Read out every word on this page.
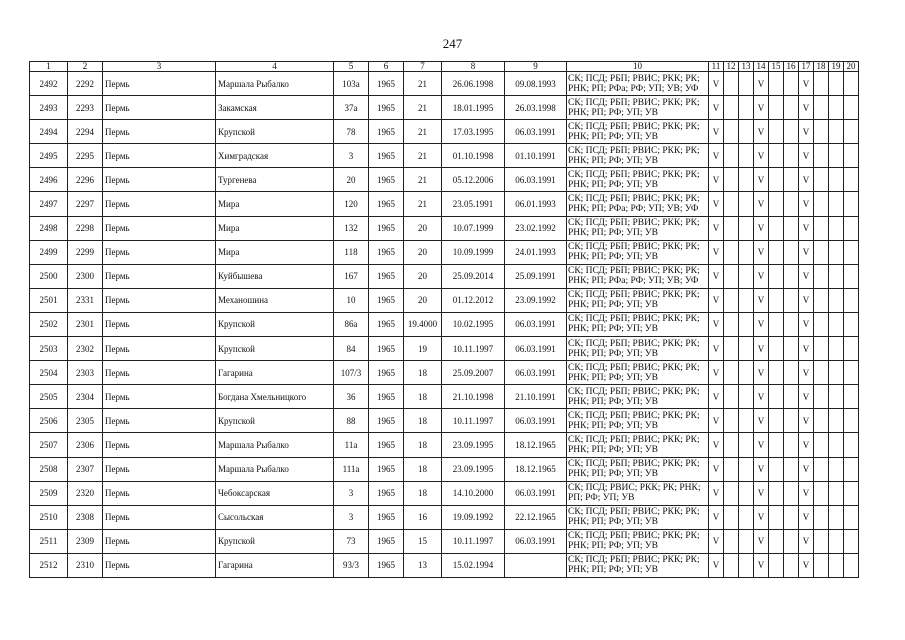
247
1	2	3	4	5	6	7	8	9	10	11	12	13	14	15	16	17	18	19	20
2492	2292	Пермь	Маршала Рыбалко	103а	1965	21	26.06.1998	09.08.1993	СК; ПСД; РБП; РВИС; РКК; РК; РНК; РП; РФа; РФ; УП; УВ; УФ	V			V			V			
2493	2293	Пермь	Закамская	37а	1965	21	18.01.1995	26.03.1998	СК; ПСД; РБП; РВИС; РКК; РК; РНК; РП; РФ; УП; УВ	V			V			V			
2494	2294	Пермь	Крупской	78	1965	21	17.03.1995	06.03.1991	СК; ПСД; РБП; РВИС; РКК; РК; РНК; РП; РФ; УП; УВ	V			V			V			
2495	2295	Пермь	Химградская	3	1965	21	01.10.1998	01.10.1991	СК; ПСД; РБП; РВИС; РКК; РК; РНК; РП; РФ; УП; УВ	V			V			V			
2496	2296	Пермь	Тургенева	20	1965	21	05.12.2006	06.03.1991	СК; ПСД; РБП; РВИС; РКК; РК; РНК; РП; РФ; УП; УВ	V			V			V			
2497	2297	Пермь	Мира	120	1965	21	23.05.1991	06.01.1993	СК; ПСД; РБП; РВИС; РКК; РК; РНК; РП; РФа; РФ; УП; УВ; УФ	V			V			V			
2498	2298	Пермь	Мира	132	1965	20	10.07.1999	23.02.1992	СК; ПСД; РБП; РВИС; РКК; РК; РНК; РП; РФ; УП; УВ	V			V			V			
2499	2299	Пермь	Мира	118	1965	20	10.09.1999	24.01.1993	СК; ПСД; РБП; РВИС; РКК; РК; РНК; РП; РФ; УП; УВ	V			V			V			
2500	2300	Пермь	Куйбышева	167	1965	20	25.09.2014	25.09.1991	СК; ПСД; РБП; РВИС; РКК; РК; РНК; РП; РФа; РФ; УП; УВ; УФ	V			V			V			
2501	2331	Пермь	Механошина	10	1965	20	01.12.2012	23.09.1992	СК; ПСД; РБП; РВИС; РКК; РК; РНК; РП; РФ; УП; УВ	V			V			V			
2502	2301	Пермь	Крупской	86а	1965	19.4000	10.02.1995	06.03.1991	СК; ПСД; РБП; РВИС; РКК; РК; РНК; РП; РФ; УП; УВ	V			V			V			
2503	2302	Пермь	Крупской	84	1965	19	10.11.1997	06.03.1991	СК; ПСД; РБП; РВИС; РКК; РК; РНК; РП; РФ; УП; УВ	V			V			V			
2504	2303	Пермь	Гагарина	107/3	1965	18	25.09.2007	06.03.1991	СК; ПСД; РБП; РВИС; РКК; РК; РНК; РП; РФ; УП; УВ	V			V			V			
2505	2304	Пермь	Богдана Хмельницкого	36	1965	18	21.10.1998	21.10.1991	СК; ПСД; РБП; РВИС; РКК; РК; РНК; РП; РФ; УП; УВ	V			V			V			
2506	2305	Пермь	Крупской	88	1965	18	10.11.1997	06.03.1991	СК; ПСД; РБП; РВИС; РКК; РК; РНК; РП; РФ; УП; УВ	V			V			V			
2507	2306	Пермь	Маршала Рыбалко	11а	1965	18	23.09.1995	18.12.1965	СК; ПСД; РБП; РВИС; РКК; РК; РНК; РП; РФ; УП; УВ	V			V			V			
2508	2307	Пермь	Маршала Рыбалко	111а	1965	18	23.09.1995	18.12.1965	СК; ПСД; РБП; РВИС; РКК; РК; РНК; РП; РФ; УП; УВ	V			V			V			
2509	2320	Пермь	Чебоксарская	3	1965	18	14.10.2000	06.03.1991	СК; ПСД; РВИС; РКК; РК; РНК; РП; РФ; УП; УВ	V			V			V			
2510	2308	Пермь	Сысольская	3	1965	16	19.09.1992	22.12.1965	СК; ПСД; РБП; РВИС; РКК; РК; РНК; РП; РФ; УП; УВ	V			V			V			
2511	2309	Пермь	Крупской	73	1965	15	10.11.1997	06.03.1991	СК; ПСД; РБП; РВИС; РКК; РК; РНК; РП; РФ; УП; УВ	V			V			V			
2512	2310	Пермь	Гагарина	93/3	1965	13	15.02.1994		СК; ПСД; РБП; РВИС; РКК; РК; РНК; РП; РФ; УП; УВ	V			V			V			
